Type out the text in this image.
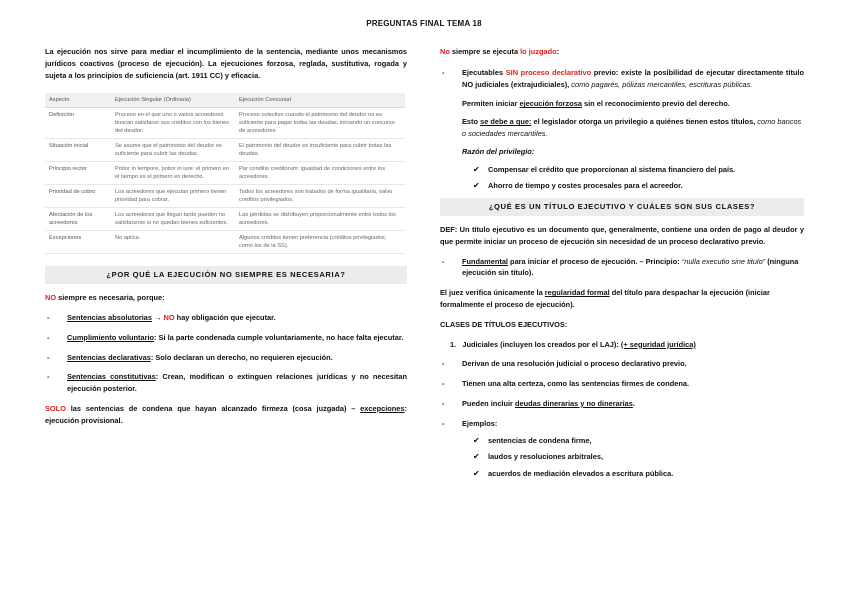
PREGUNTAS FINAL TEMA 18

La ejecución nos sirve para mediar el incumplimiento de la sentencia, mediante unos mecanismos jurídicos coactivos (proceso de ejecución). La ejecuciones forzosa, reglada, sustitutiva, rogada y sujeta a los principios de suficiencia (art. 1911 CC) y eficacia.

Aspecto	Ejecución Singular (Ordinaria)	Ejecución Concursal
Definición	Proceso en el que uno o varios acreedores buscan satisfacer sus créditos con los bienes del deudor.	Proceso colectivo cuando el patrimonio del deudor no es suficiente para pagar todas las deudas, iniciando un concurso de acreedores.
Situación inicial	Se asume que el patrimonio del deudor es suficiente para cubrir las deudas.	El patrimonio del deudor es insuficiente para cubrir todas las deudas.
Principio rector	Potior in tempore, potior in iure: el primero en el tiempo es el primero en derecho.	Par conditio creditorum: igualdad de condiciones entre los acreedores.
Prioridad de cobro	Los acreedores que ejecutan primero tienen prioridad para cobrar.	Todos los acreedores son tratados de forma igualitaria, salvo créditos privilegiados.
Afectación de los acreedores	Los acreedores que llegan tarde pueden no satisfacerse si no quedan bienes suficientes.	Las pérdidas se distribuyen proporcionalmente entre todos los acreedores.
Excepciones	No aplica.	Algunos créditos tienen preferencia (créditos privilegiados, como los de la SS).
¿POR QUÉ LA EJECUCIÓN NO SIEMPRE ES NECESARIA?

NO siempre es necesaria, porque:

- Sentencias absolutorias → NO hay obligación que ejecutar.
- Cumplimiento voluntario: Si la parte condenada cumple voluntariamente, no hace falta ejecutar.
- Sentencias declarativas: Solo declaran un derecho, no requieren ejecución.
- Sentencias constitutivas: Crean, modifican o extinguen relaciones jurídicas y no necesitan ejecución posterior.

SOLO las sentencias de condena que hayan alcanzado firmeza (cosa juzgada) – excepciones: ejecución provisional.

No siempre se ejecuta lo juzgado:

- Ejecutables SIN proceso declarativo previo: existe la posibilidad de ejecutar directamente título NO judiciales (extrajudiciales), como pagarés, pólizas mercantiles, escrituras públicas.

Permiten iniciar ejecución forzosa sin el reconocimiento previo del derecho.

Esto se debe a que: el legislador otorga un privilegio a quiénes tienen estos títulos, como bancos o sociedades mercantiles.

Razón del privilegio:

✔ Compensar el crédito que proporcionan al sistema financiero del país.
✔ Ahorro de tiempo y costes procesales para el acreedor.
¿QUÉ ES UN TÍTULO EJECUTIVO Y CUÁLES SON SUS CLASES?

DEF: Un título ejecutivo es un documento que, generalmente, contiene una orden de pago al deudor y que permite iniciar un proceso de ejecución sin necesidad de un proceso declarativo previo.

- Fundamental para iniciar el proceso de ejecución. – Principio: “nulla executio sine titulo” (ninguna ejecución sin título).

El juez verifica únicamente la regularidad formal del título para despachar la ejecución (iniciar formalmente el proceso de ejecución).

CLASES DE TÍTULOS EJECUTIVOS:

1. Judiciales (incluyen los creados por el LAJ): (+ seguridad jurídica)

- Derivan de una resolución judicial o proceso declarativo previo.
- Tienen una alta certeza, como las sentencias firmes de condena.
- Pueden incluir deudas dinerarias y no dinerarias.
- Ejemplos:
✔ sentencias de condena firme,
✔ laudos y resoluciones arbitrales,
✔ acuerdos de mediación elevados a escritura pública.
